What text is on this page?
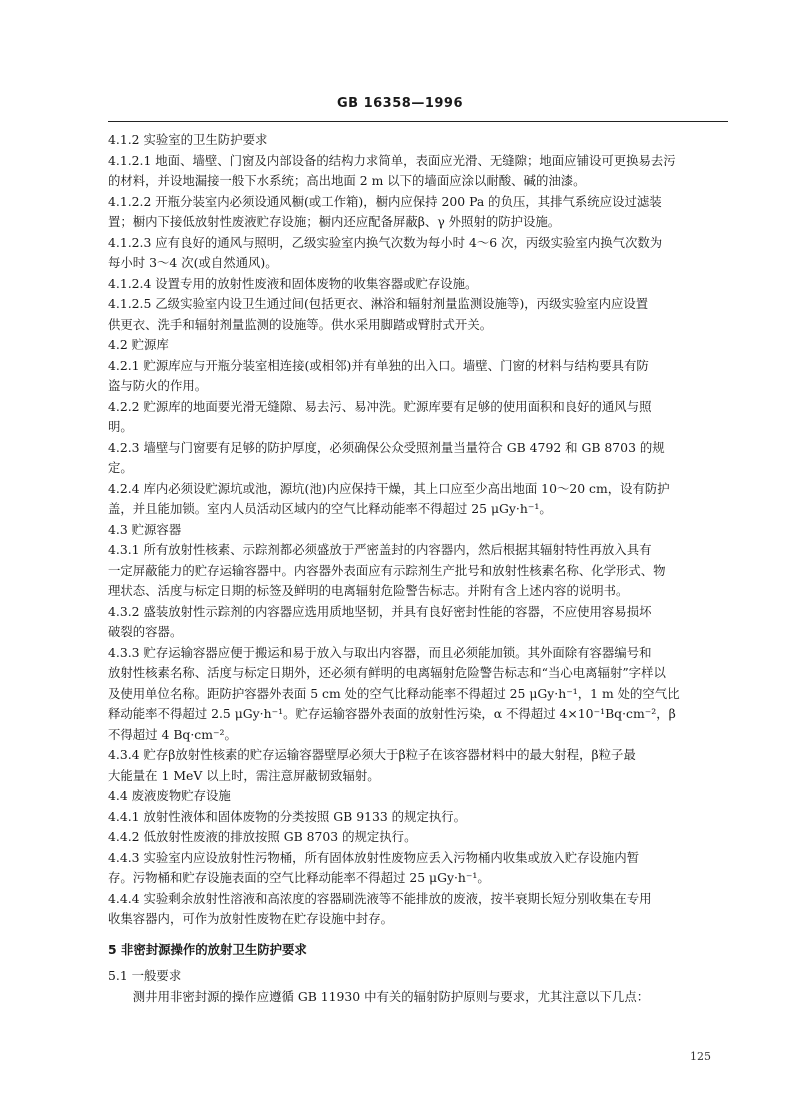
GB 16358—1996

4.1.2 实验室的卫生防护要求

4.1.2.1 地面、墙壁、门窗及内部设备的结构力求简单，表面应光滑、无缝隙；地面应铺设可更换易去污

的材料，并设地漏接一般下水系统；高出地面 2 m 以下的墙面应涂以耐酸、碱的油漆。

4.1.2.2 开瓶分装室内必须设通风橱(或工作箱)，橱内应保持 200 Pa 的负压，其排气系统应设过滤装

置；橱内下接低放射性废液贮存设施；橱内还应配备屏蔽β、γ 外照射的防护设施。

4.1.2.3 应有良好的通风与照明，乙级实验室内换气次数为每小时 4～6 次，丙级实验室内换气次数为

每小时 3～4 次(或自然通风)。

4.1.2.4 设置专用的放射性废液和固体废物的收集容器或贮存设施。

4.1.2.5 乙级实验室内设卫生通过间(包括更衣、淋浴和辐射剂量监测设施等)，丙级实验室内应设置

供更衣、洗手和辐射剂量监测的设施等。供水采用脚踏或臂肘式开关。

4.2 贮源库

4.2.1 贮源库应与开瓶分装室相连接(或相邻)并有单独的出入口。墙壁、门窗的材料与结构要具有防

盗与防火的作用。

4.2.2 贮源库的地面要光滑无缝隙、易去污、易冲洗。贮源库要有足够的使用面积和良好的通风与照

明。

4.2.3 墙壁与门窗要有足够的防护厚度，必须确保公众受照剂量当量符合 GB 4792 和 GB 8703 的规

定。

4.2.4 库内必须设贮源坑或池，源坑(池)内应保持干燥，其上口应至少高出地面 10～20 cm，设有防护

盖，并且能加锁。室内人员活动区域内的空气比释动能率不得超过 25 μGy·h⁻¹。

4.3 贮源容器

4.3.1 所有放射性核素、示踪剂都必须盛放于严密盖封的内容器内，然后根据其辐射特性再放入具有

一定屏蔽能力的贮存运输容器中。内容器外表面应有示踪剂生产批号和放射性核素名称、化学形式、物

理状态、活度与标定日期的标签及鲜明的电离辐射危险警告标志。并附有含上述内容的说明书。

4.3.2 盛装放射性示踪剂的内容器应选用质地坚韧，并具有良好密封性能的容器，不应使用容易损坏

破裂的容器。

4.3.3 贮存运输容器应便于搬运和易于放入与取出内容器，而且必须能加锁。其外面除有容器编号和

放射性核素名称、活度与标定日期外，还必须有鲜明的电离辐射危险警告标志和“当心电离辐射”字样以

及使用单位名称。距防护容器外表面 5 cm 处的空气比释动能率不得超过 25 μGy·h⁻¹，1 m 处的空气比

释动能率不得超过 2.5 μGy·h⁻¹。贮存运输容器外表面的放射性污染，α 不得超过 4×10⁻¹Bq·cm⁻²，β

不得超过 4 Bq·cm⁻²。

4.3.4 贮存β放射性核素的贮存运输容器壁厚必须大于β粒子在该容器材料中的最大射程，β粒子最

大能量在 1 MeV 以上时，需注意屏蔽韧致辐射。

4.4 废液废物贮存设施

4.4.1 放射性液体和固体废物的分类按照 GB 9133 的规定执行。

4.4.2 低放射性废液的排放按照 GB 8703 的规定执行。

4.4.3 实验室内应设放射性污物桶，所有固体放射性废物应丢入污物桶内收集或放入贮存设施内暂

存。污物桶和贮存设施表面的空气比释动能率不得超过 25 μGy·h⁻¹。

4.4.4 实验剩余放射性溶液和高浓度的容器刷洗液等不能排放的废液，按半衰期长短分别收集在专用

收集容器内，可作为放射性废物在贮存设施中封存。

5 非密封源操作的放射卫生防护要求

5.1 一般要求

测井用非密封源的操作应遵循 GB 11930 中有关的辐射防护原则与要求，尤其注意以下几点：

125
